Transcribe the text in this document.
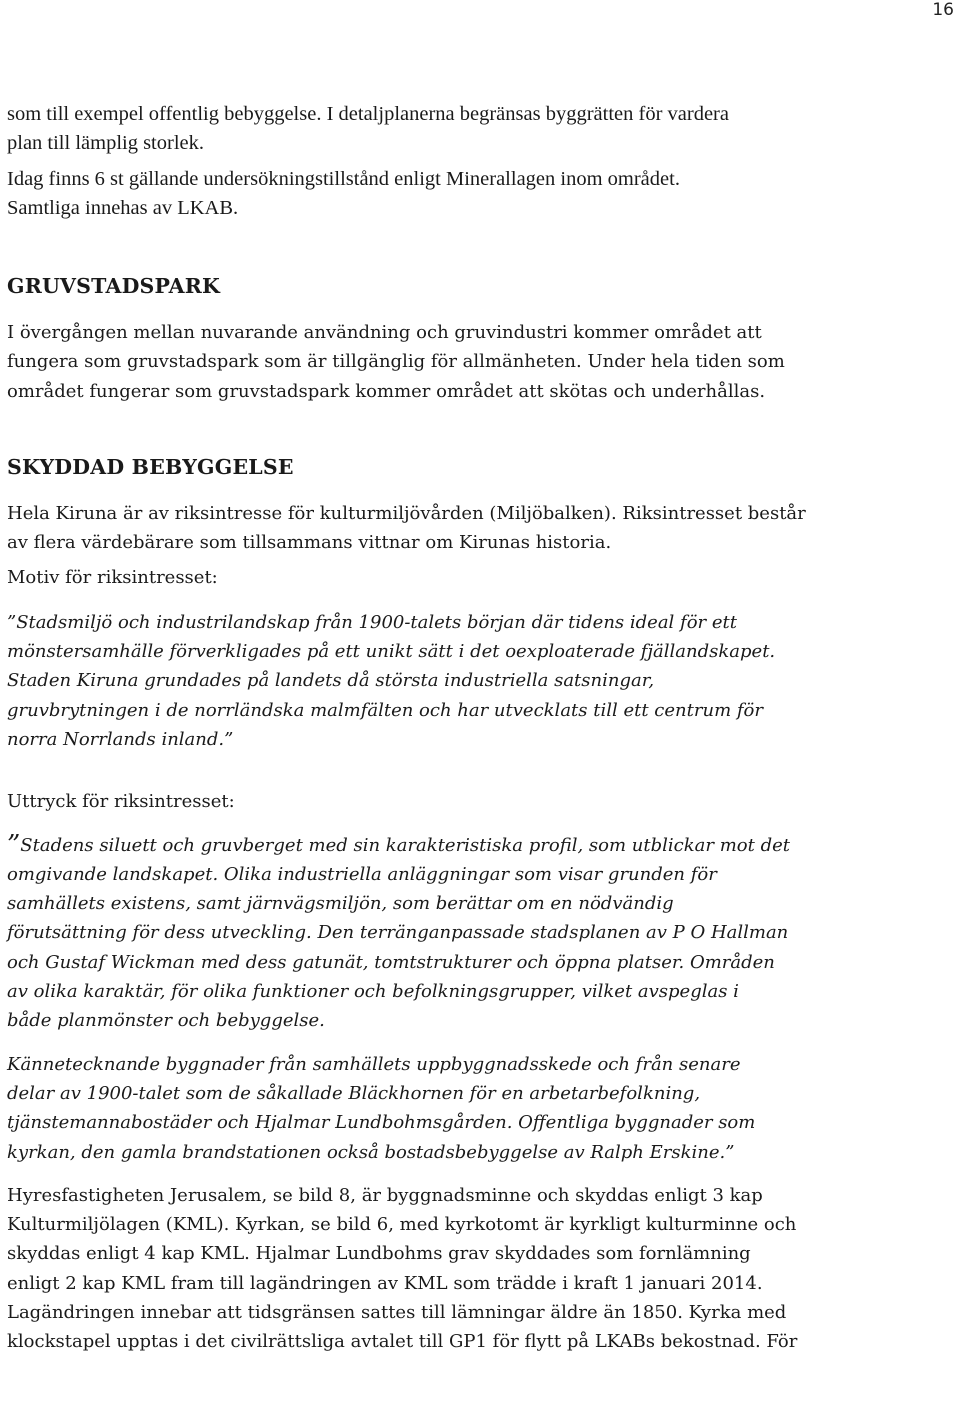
16

som till exempel offentlig bebyggelse. I detaljplanerna begränsas byggrätten för vardera

plan till lämplig storlek.

Idag finns 6 st gällande undersökningstillstånd enligt Minerallagen inom området.

Samtliga innehas av LKAB.

GRUVSTADSPARK

I övergången mellan nuvarande användning och gruvindustri kommer området att

fungera som gruvstadspark som är tillgänglig för allmänheten. Under hela tiden som

området fungerar som gruvstadspark kommer området att skötas och underhållas.

SKYDDAD BEBYGGELSE

Hela Kiruna är av riksintresse för kulturmiljövården (Miljöbalken). Riksintresset består

av flera värdebärare som tillsammans vittnar om Kirunas historia.

Motiv för riksintresset:

”Stadsmiljö och industrilandskap från 1900-talets början där tidens ideal för ett

mönstersamhälle förverkligades på ett unikt sätt i det oexploaterade fjällandskapet.

Staden Kiruna grundades på landets då största industriella satsningar,

gruvbrytningen i de norrländska malmfälten och har utvecklats till ett centrum för

norra Norrlands inland.”

Uttryck för riksintresset:

”Stadens siluett och gruvberget med sin karakteristiska profil, som utblickar mot det

omgivande landskapet. Olika industriella anläggningar som visar grunden för

samhällets existens, samt järnvägsmiljön, som berättar om en nödvändig

förutsättning för dess utveckling. Den terränganpassade stadsplanen av P O Hallman

och Gustaf Wickman med dess gatunät, tomtstrukturer och öppna platser. Områden

av olika karaktär, för olika funktioner och befolkningsgrupper, vilket avspeglas i

både planmönster och bebyggelse.

Kännetecknande byggnader från samhällets uppbyggnadsskede och från senare

delar av 1900-talet som de såkallade Bläckhornen för en arbetarbefolkning,

tjänstemannabostäder och Hjalmar Lundbohmsgården. Offentliga byggnader som

kyrkan, den gamla brandstationen också bostadsbebyggelse av Ralph Erskine.”

Hyresfastigheten Jerusalem, se bild 8, är byggnadsminne och skyddas enligt 3 kap

Kulturmiljölagen (KML). Kyrkan, se bild 6, med kyrkotomt är kyrkligt kulturminne och

skyddas enligt 4 kap KML. Hjalmar Lundbohms grav skyddades som fornlämning

enligt 2 kap KML fram till lagändringen av KML som trädde i kraft 1 januari 2014.

Lagändringen innebar att tidsgränsen sattes till lämningar äldre än 1850. Kyrka med

klockstapel upptas i det civilrättsliga avtalet till GP1 för flytt på LKABs bekostnad. För
